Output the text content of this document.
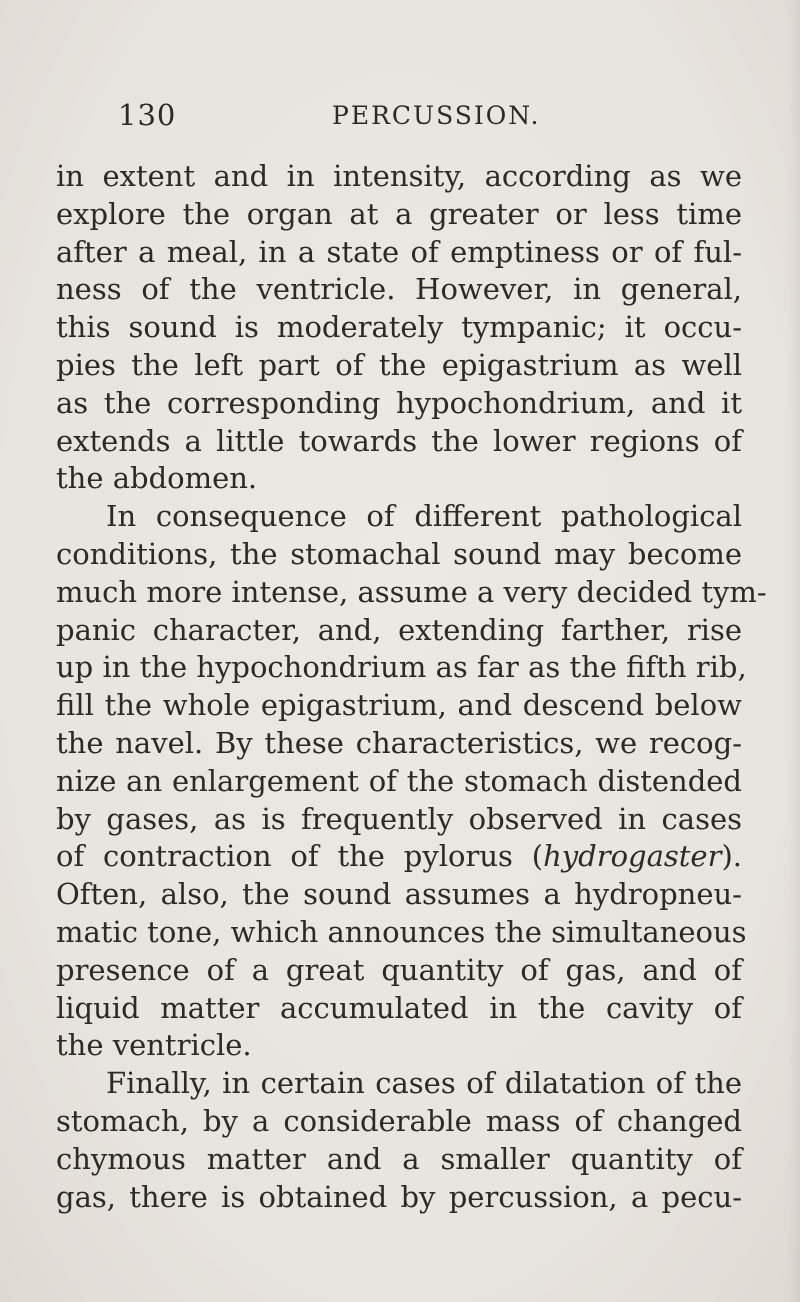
130	PERCUSSION.
in extent and in intensity, according as we
explore the organ at a greater or less time
after a meal, in a state of emptiness or of ful-
ness of the ventricle. However, in general,
this sound is moderately tympanic; it occu-
pies the left part of the epigastrium as well
as the corresponding hypochondrium, and it
extends a little towards the lower regions of
the abdomen.
In consequence of different pathological
conditions, the stomachal sound may become
much more intense, assume a very decided tym-
panic character, and, extending farther, rise
up in the hypochondrium as far as the fifth rib,
fill the whole epigastrium, and descend below
the navel. By these characteristics, we recog-
nize an enlargement of the stomach distended
by gases, as is frequently observed in cases
of contraction of the pylorus (hydrogaster).
Often, also, the sound assumes a hydropneu-
matic tone, which announces the simultaneous
presence of a great quantity of gas, and of
liquid matter accumulated in the cavity of
the ventricle.
Finally, in certain cases of dilatation of the
stomach, by a considerable mass of changed
chymous matter and a smaller quantity of
gas, there is obtained by percussion, a pecu-
